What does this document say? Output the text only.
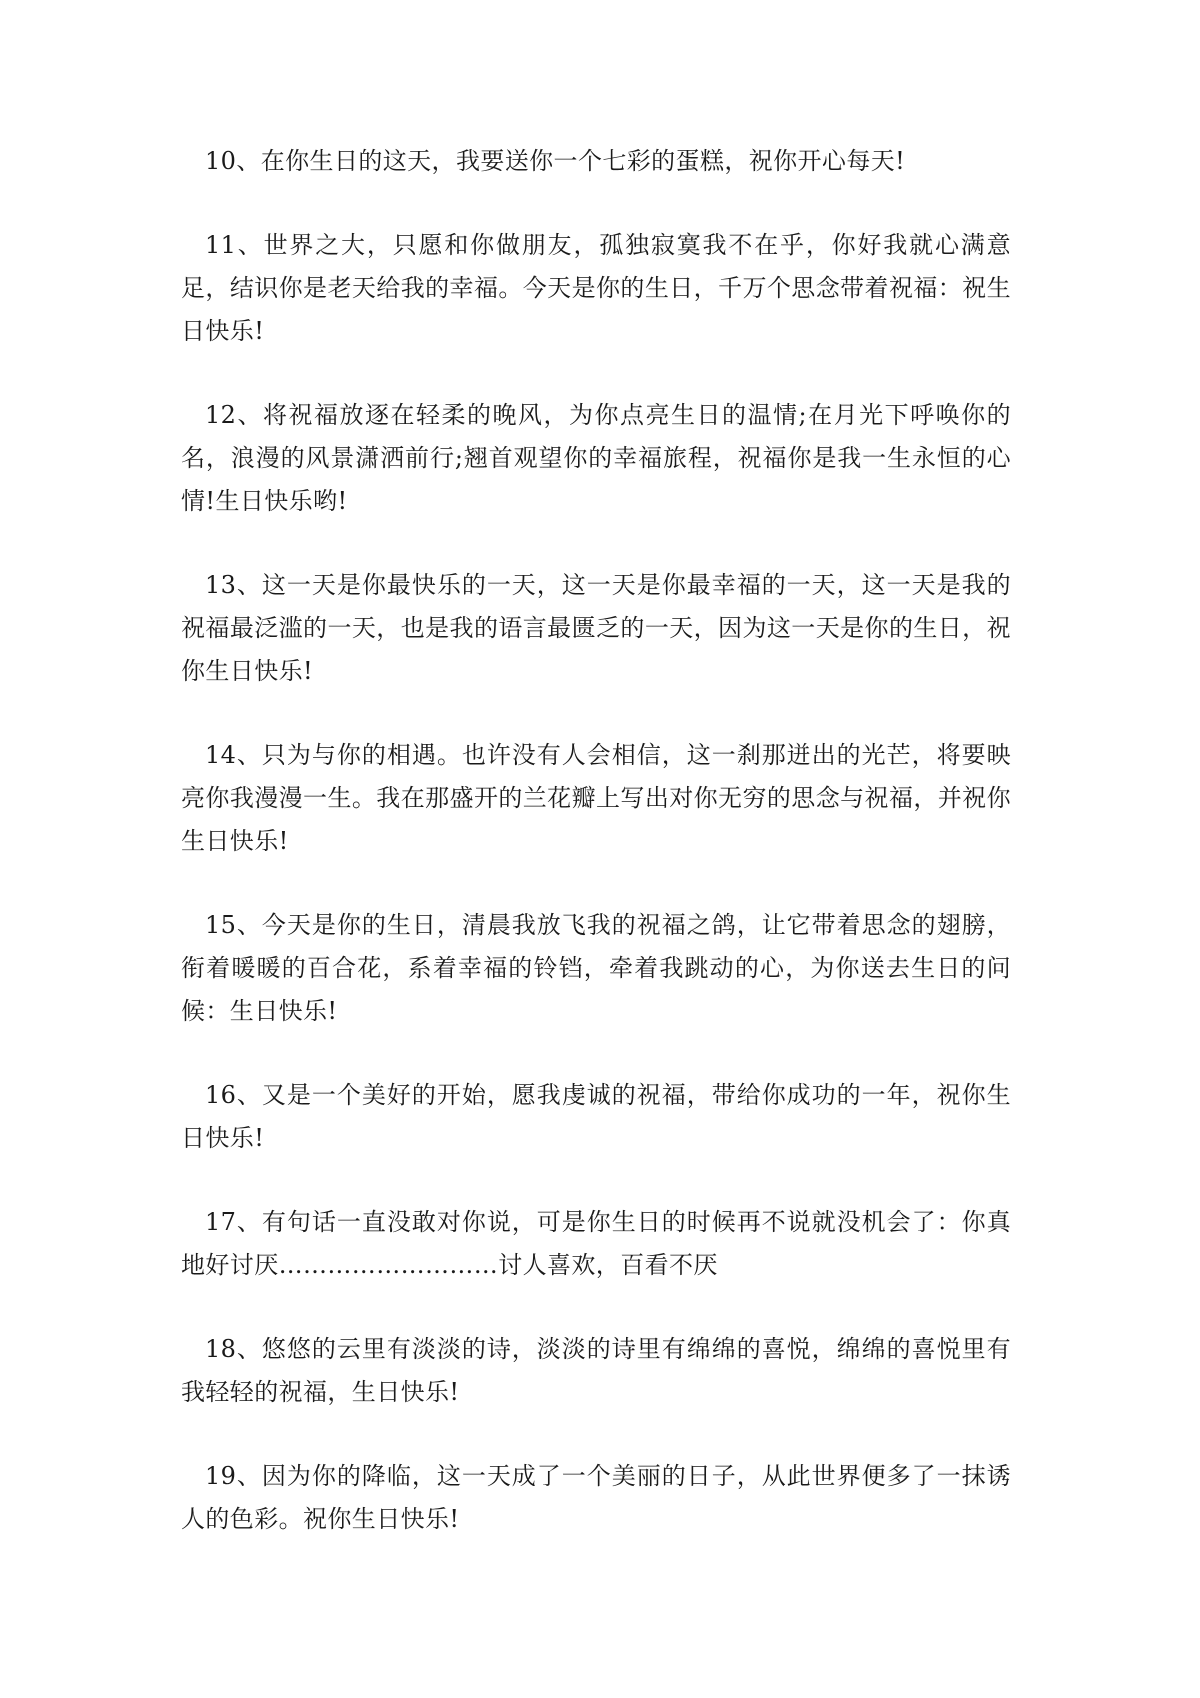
10、在你生日的这天，我要送你一个七彩的蛋糕，祝你开心每天!

11、世界之大，只愿和你做朋友，孤独寂寞我不在乎，你好我就心满意足，结识你是老天给我的幸福。今天是你的生日，千万个思念带着祝福：祝生日快乐!

12、将祝福放逐在轻柔的晚风，为你点亮生日的温情;在月光下呼唤你的名，浪漫的风景潇洒前行;翘首观望你的幸福旅程，祝福你是我一生永恒的心情!生日快乐哟!

13、这一天是你最快乐的一天，这一天是你最幸福的一天，这一天是我的祝福最泛滥的一天，也是我的语言最匮乏的一天，因为这一天是你的生日，祝你生日快乐!

14、只为与你的相遇。也许没有人会相信，这一刹那迸出的光芒，将要映亮你我漫漫一生。我在那盛开的兰花瓣上写出对你无穷的思念与祝福，并祝你生日快乐!

15、今天是你的生日，清晨我放飞我的祝福之鸽，让它带着思念的翅膀，衔着暖暖的百合花，系着幸福的铃铛，牵着我跳动的心，为你送去生日的问候：生日快乐!

16、又是一个美好的开始，愿我虔诚的祝福，带给你成功的一年，祝你生日快乐!

17、有句话一直没敢对你说，可是你生日的时候再不说就没机会了：你真地好讨厌………………………讨人喜欢，百看不厌

18、悠悠的云里有淡淡的诗，淡淡的诗里有绵绵的喜悦，绵绵的喜悦里有我轻轻的祝福，生日快乐!

19、因为你的降临，这一天成了一个美丽的日子，从此世界便多了一抹诱人的色彩。祝你生日快乐!
